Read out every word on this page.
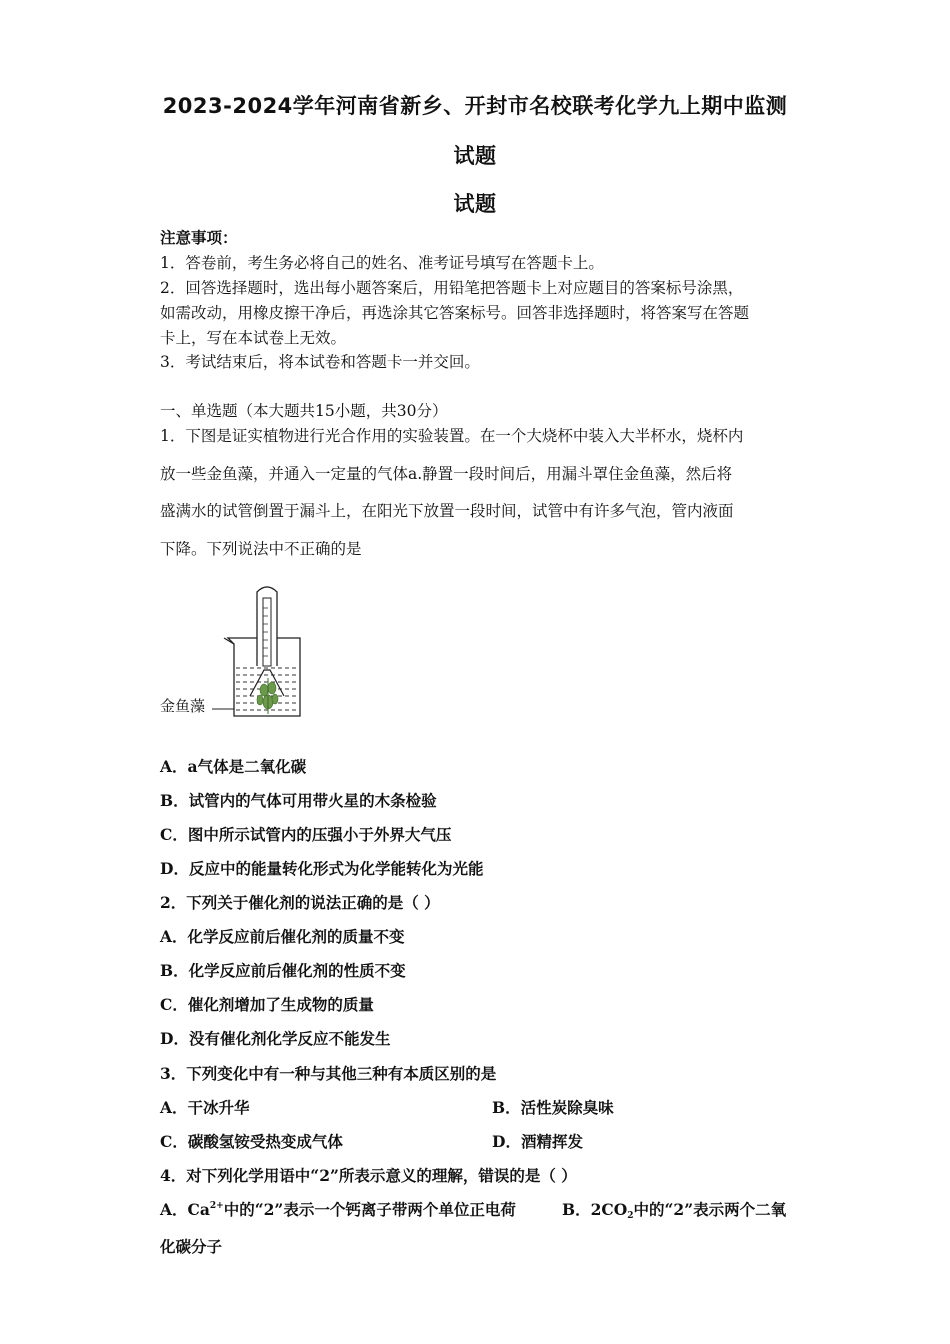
2023-2024学年河南省新乡、开封市名校联考化学九上期中监测
试题
试题
注意事项：
1．答卷前，考生务必将自己的姓名、准考证号填写在答题卡上。
2．回答选择题时，选出每小题答案后，用铅笔把答题卡上对应题目的答案标号涂黑，
如需改动，用橡皮擦干净后，再选涂其它答案标号。回答非选择题时，将答案写在答题
卡上，写在本试卷上无效。
3．考试结束后，将本试卷和答题卡一并交回。
一、单选题（本大题共15小题，共30分）
1．下图是证实植物进行光合作用的实验装置。在一个大烧杯中装入大半杯水，烧杯内
放一些金鱼藻，并通入一定量的气体a.静置一段时间后，用漏斗罩住金鱼藻，然后将
盛满水的试管倒置于漏斗上，在阳光下放置一段时间，试管中有许多气泡，管内液面
下降。下列说法中不正确的是
金鱼藻
A．a气体是二氧化碳
B．试管内的气体可用带火星的木条检验
C．图中所示试管内的压强小于外界大气压
D．反应中的能量转化形式为化学能转化为光能
2．下列关于催化剂的说法正确的是（ ）
A．化学反应前后催化剂的质量不变
B．化学反应前后催化剂的性质不变
C．催化剂增加了生成物的质量
D．没有催化剂化学反应不能发生
3．下列变化中有一种与其他三种有本质区别的是
A．干冰升华	B．活性炭除臭味
C．碳酸氢铵受热变成气体	D．酒精挥发
4．对下列化学用语中“2”所表示意义的理解，错误的是（ ）
A．$Ca^{2+}$中的“2”表示一个钙离子带两个单位正电荷	B．$2CO_2$中的“2”表示两个二氧
化碳分子
